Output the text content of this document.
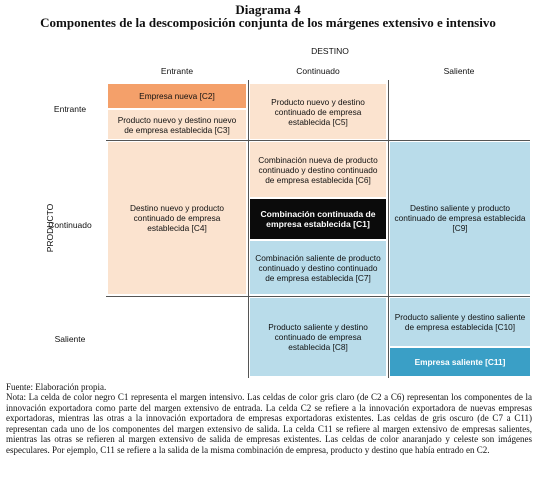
Diagrama 4
Componentes de la descomposición conjunta de los márgenes extensivo e intensivo
DESTINO
Entrante	Continuado	Saliente
PRODUCTO
Entrante
Continuado
Saliente
Empresa nueva [C2]
Producto nuevo y destino nuevo de empresa establecida [C3]
Producto nuevo y destino continuado de empresa establecida [C5]
Destino nuevo y producto continuado de empresa establecida [C4]
Combinación nueva de producto continuado y destino continuado de empresa establecida [C6]
Combinación continuada de empresa establecida [C1]
Combinación saliente de producto continuado y destino continuado de empresa establecida [C7]
Destino saliente y producto continuado de empresa establecida [C9]
Producto saliente y destino continuado de empresa establecida [C8]
Producto saliente y destino saliente de empresa establecida [C10]
Empresa saliente [C11]
Fuente: Elaboración propia.
Nota: La celda de color negro C1 representa el margen intensivo. Las celdas de color gris claro (de C2 a C6) representan los componentes de la innovación exportadora como parte del margen extensivo de entrada. La celda C2 se refiere a la innovación exportadora de nuevas empresas exportadoras, mientras las otras a la innovación exportadora de empresas exportadoras existentes. Las celdas de gris oscuro (de C7 a C11) representan cada uno de los componentes del margen extensivo de salida. La celda C11 se refiere al margen extensivo de empresas salientes, mientras las otras se refieren al margen extensivo de salida de empresas existentes. Las celdas de color anaranjado y celeste son imágenes especulares. Por ejemplo, C11 se refiere a la salida de la misma combinación de empresa, producto y destino que había entrado en C2.
